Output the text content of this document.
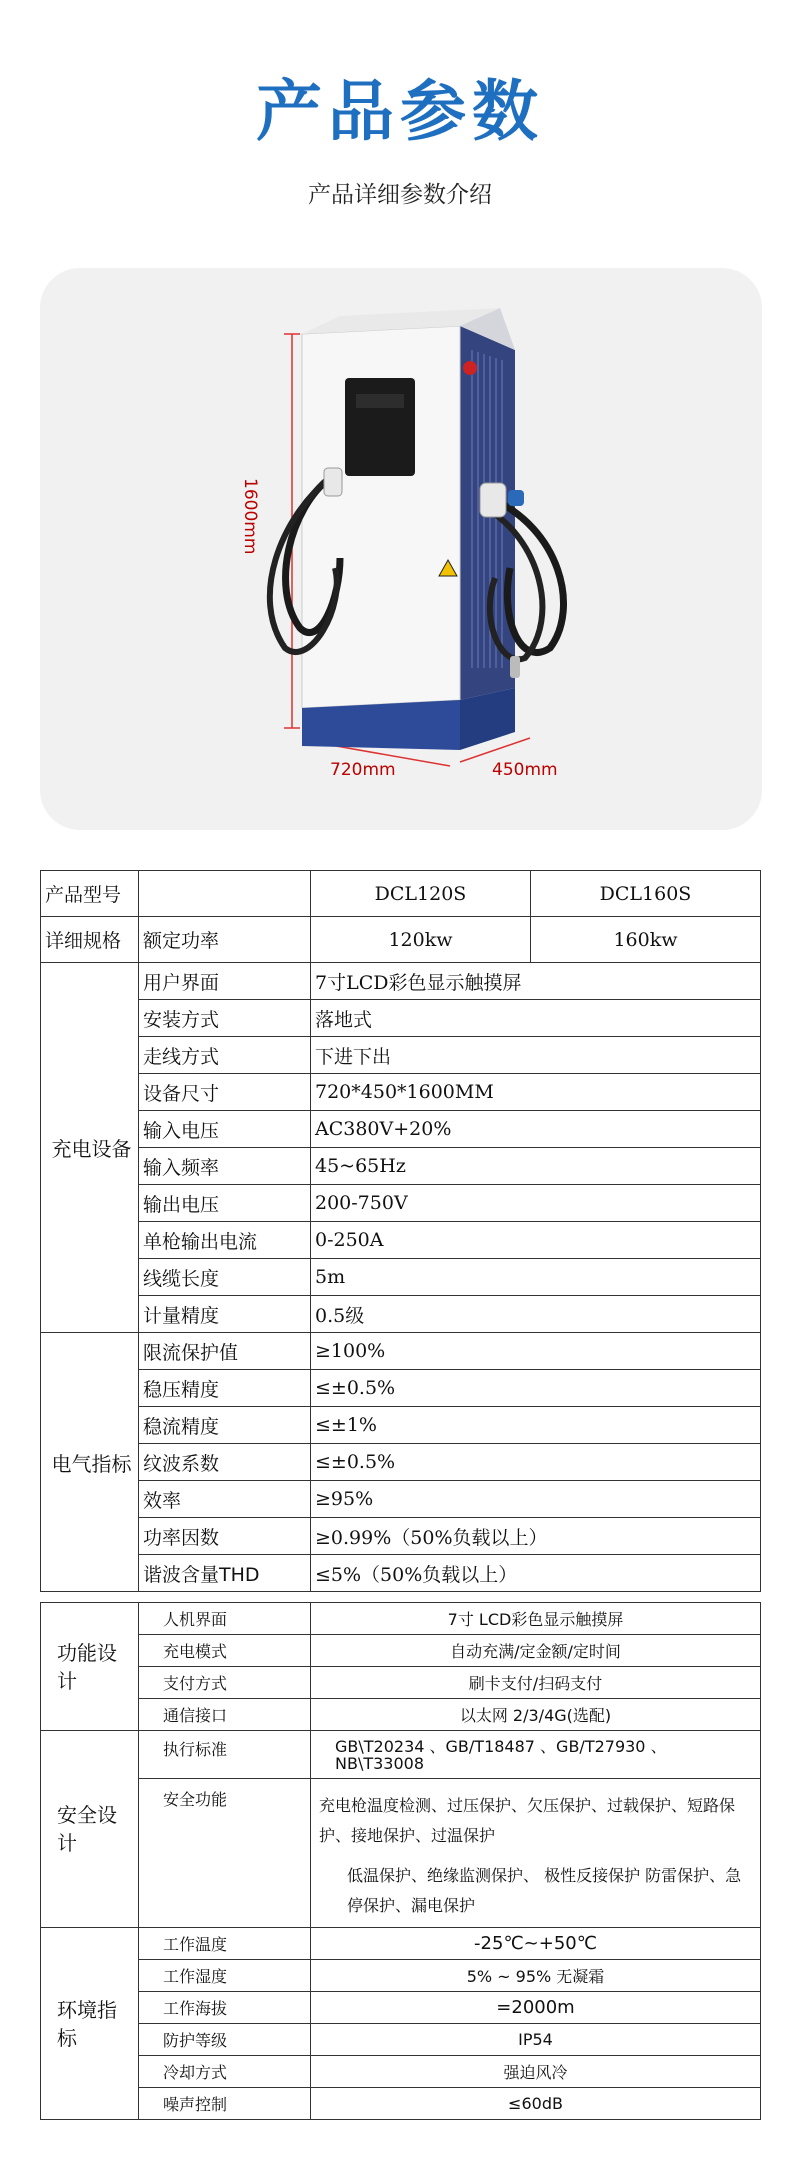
产品参数
产品详细参数介绍
1600mm
720mm	450mm
产品型号		DCL120S	DCL160S
详细规格	额定功率	120kw	160kw
充电设备	用户界面	7寸LCD彩色显示触摸屏	
	安装方式	落地式	
	走线方式	下进下出	
	设备尺寸	720*450*1600MM	
	输入电压	AC380V+20%	
	输入频率	45~65Hz	
	输出电压	200-750V	
	单枪输出电流	0-250A	
	线缆长度	5m	
	计量精度	0.5级	
电气指标	限流保护值	≥100%	
	稳压精度	≤±0.5%	
	稳流精度	≤±1%	
	纹波系数	≤±0.5%	
	效率	≥95%	
	功率因数	≥0.99%（50%负载以上）	
	谐波含量THD	≤5%（50%负载以上）	
功能设计	人机界面	7寸 LCD彩色显示触摸屏
	充电模式	自动充满/定金额/定时间
	支付方式	刷卡支付/扫码支付
	通信接口	以太网 2/3/4G(选配)
安全设计	执行标准	GB\T20234 、GB/T18487 、GB/T27930 、NB\T33008
	安全功能	充电枪温度检测、过压保护、欠压保护、过载保护、短路保护、接地保护、过温保护
低温保护、绝缘监测保护、 极性反接保护 防雷保护、急停保护、漏电保护

环境指标	工作温度	-25℃~+50℃
	工作湿度	5% ~ 95% 无凝霜
	工作海拔	=2000m
	防护等级	IP54
	冷却方式	强迫风冷
	噪声控制	≤60dB
